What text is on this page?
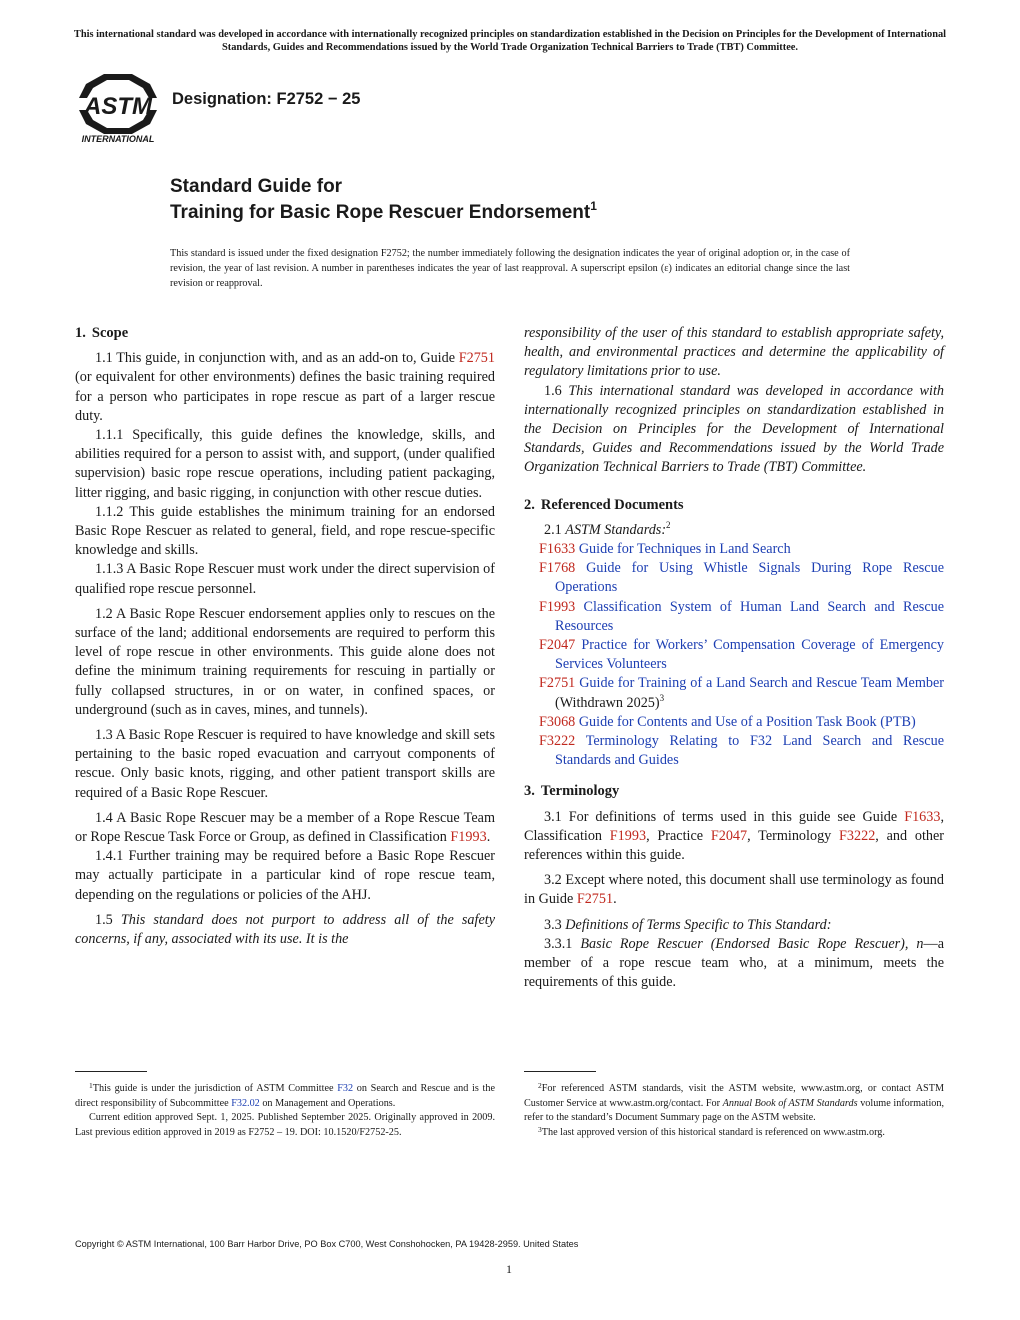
This international standard was developed in accordance with internationally recognized principles on standardization established in the Decision on Principles for the Development of International Standards, Guides and Recommendations issued by the World Trade Organization Technical Barriers to Trade (TBT) Committee.
ASTM
INTERNATIONAL
Designation: F2752 − 25
Standard Guide for
Training for Basic Rope Rescuer Endorsement$^1$
This standard is issued under the fixed designation F2752; the number immediately following the designation indicates the year of original adoption or, in the case of revision, the year of last revision. A number in parentheses indicates the year of last reapproval. A superscript epsilon (ε) indicates an editorial change since the last revision or reapproval.
1. Scope

1.1 This guide, in conjunction with, and as an add-on to, Guide F2751 (or equivalent for other environments) defines the basic training required for a person who participates in rope rescue as part of a larger rescue duty.

1.1.1 Specifically, this guide defines the knowledge, skills, and abilities required for a person to assist with, and support, (under qualified supervision) basic rope rescue operations, including patient packaging, litter rigging, and basic rigging, in conjunction with other rescue duties.

1.1.2 This guide establishes the minimum training for an endorsed Basic Rope Rescuer as related to general, field, and rope rescue-specific knowledge and skills.

1.1.3 A Basic Rope Rescuer must work under the direct supervision of qualified rope rescue personnel.

1.2 A Basic Rope Rescuer endorsement applies only to rescues on the surface of the land; additional endorsements are required to perform this level of rope rescue in other environments. This guide alone does not define the minimum training requirements for rescuing in partially or fully collapsed structures, in or on water, in confined spaces, or underground (such as in caves, mines, and tunnels).

1.3 A Basic Rope Rescuer is required to have knowledge and skill sets pertaining to the basic roped evacuation and carryout components of rescue. Only basic knots, rigging, and other patient transport skills are required of a Basic Rope Rescuer.

1.4 A Basic Rope Rescuer may be a member of a Rope Rescue Team or Rope Rescue Task Force or Group, as defined in Classification F1993.

1.4.1 Further training may be required before a Basic Rope Rescuer may actually participate in a particular kind of rope rescue team, depending on the regulations or policies of the AHJ.

1.5 This standard does not purport to address all of the safety concerns, if any, associated with its use. It is the

responsibility of the user of this standard to establish appropriate safety, health, and environmental practices and determine the applicability of regulatory limitations prior to use.

1.6 This international standard was developed in accordance with internationally recognized principles on standardization established in the Decision on Principles for the Development of International Standards, Guides and Recommendations issued by the World Trade Organization Technical Barriers to Trade (TBT) Committee.

2. Referenced Documents

2.1 ASTM Standards:$^2$

F1633 Guide for Techniques in Land Search
F1768 Guide for Using Whistle Signals During Rope Rescue Operations
F1993 Classification System of Human Land Search and Rescue Resources
F2047 Practice for Workers’ Compensation Coverage of Emergency Services Volunteers
F2751 Guide for Training of a Land Search and Rescue Team Member (Withdrawn 2025)$^3$
F3068 Guide for Contents and Use of a Position Task Book (PTB)
F3222 Terminology Relating to F32 Land Search and Rescue Standards and Guides
3. Terminology

3.1 For definitions of terms used in this guide see Guide F1633, Classification F1993, Practice F2047, Terminology F3222, and other references within this guide.

3.2 Except where noted, this document shall use terminology as found in Guide F2751.

3.3 Definitions of Terms Specific to This Standard:

3.3.1 Basic Rope Rescuer (Endorsed Basic Rope Rescuer), n—a member of a rope rescue team who, at a minimum, meets the requirements of this guide.

$^1$This guide is under the jurisdiction of ASTM Committee F32 on Search and Rescue and is the direct responsibility of Subcommittee F32.02 on Management and Operations.

Current edition approved Sept. 1, 2025. Published September 2025. Originally approved in 2009. Last previous edition approved in 2019 as F2752 – 19. DOI: 10.1520/F2752-25.

$^2$For referenced ASTM standards, visit the ASTM website, www.astm.org, or contact ASTM Customer Service at www.astm.org/contact. For Annual Book of ASTM Standards volume information, refer to the standard’s Document Summary page on the ASTM website.

$^3$The last approved version of this historical standard is referenced on www.astm.org.

Copyright © ASTM International, 100 Barr Harbor Drive, PO Box C700, West Conshohocken, PA 19428-2959. United States
1
